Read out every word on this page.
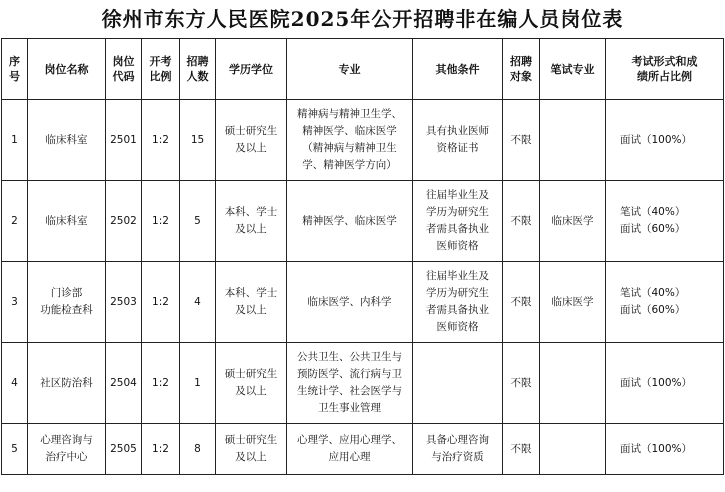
徐州市东方人民医院2025年公开招聘非在编人员岗位表
序
号	岗位名称	岗位
代码	开考
比例	招聘
人数	学历学位	专业	其他条件	招聘
对象	笔试专业	考试形式和成
绩所占比例

1	临床科室	2501	1:2	15	硕士研究生
及以上	精神病与精神卫生学、
精神医学、临床医学
（精神病与精神卫生
学、精神医学方向）	具有执业医师
资格证书	不限		面试（100%）

2	临床科室	2502	1:2	5	本科、学士
及以上	精神医学、临床医学	往届毕业生及
学历为研究生
者需具备执业
医师资格	不限	临床医学	笔试（40%）
面试（60%）

3	门诊部
功能检查科	2503	1:2	4	本科、学士
及以上	临床医学、内科学	往届毕业生及
学历为研究生
者需具备执业
医师资格	不限	临床医学	笔试（40%）
面试（60%）

4	社区防治科	2504	1:2	1	硕士研究生
及以上	公共卫生、公共卫生与
预防医学、流行病与卫
生统计学、社会医学与
卫生事业管理		不限		面试（100%）

5	心理咨询与
治疗中心	2505	1:2	8	硕士研究生
及以上	心理学、应用心理学、
应用心理	具备心理咨询
与治疗资质	不限		面试（100%）
